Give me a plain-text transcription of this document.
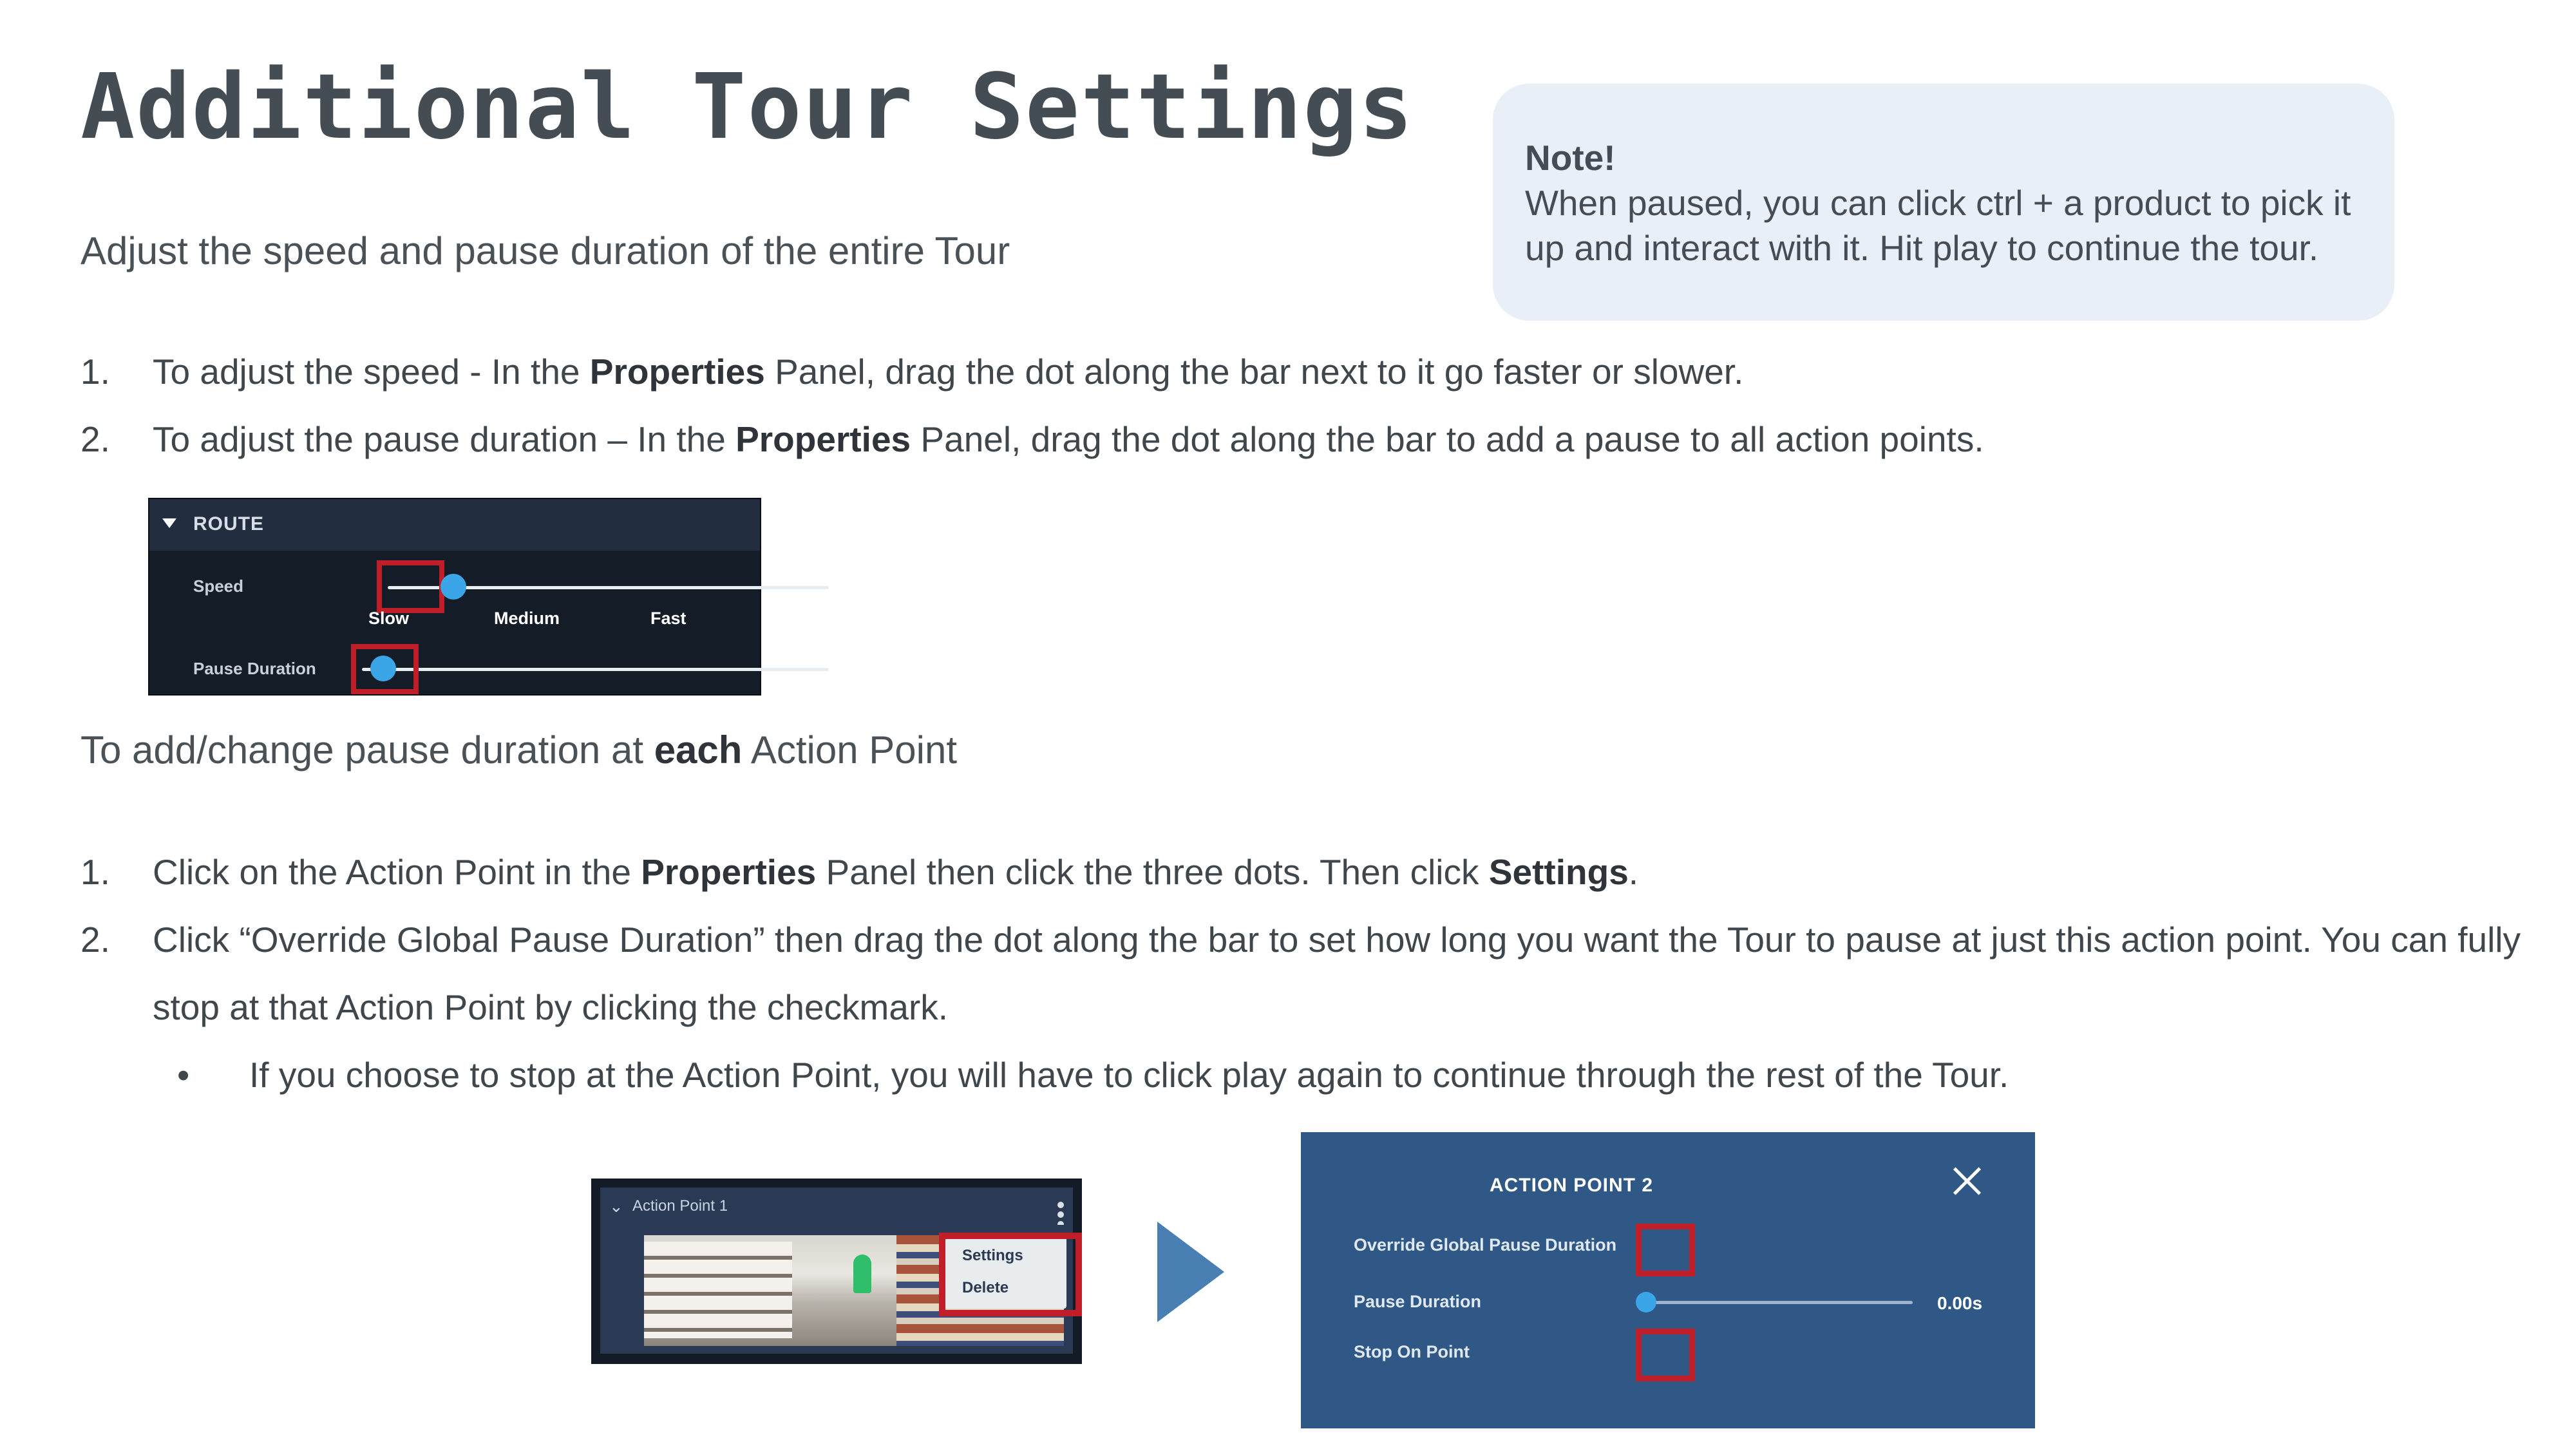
Additional Tour Settings
Adjust the speed and pause duration of the entire Tour
Note!
When paused, you can click ctrl + a product to pick it up and interact with it. Hit play to continue the tour.
1. To adjust the speed - In the Properties Panel, drag the dot along the bar next to it go faster or slower.
2. To adjust the pause duration – In the Properties Panel, drag the dot along the bar to add a pause to all action points.
ROUTE
Speed	2
Slow	Medium	Fast
Pause Duration	0
To add/change pause duration at each Action Point
1. Click on the Action Point in the Properties Panel then click the three dots. Then click Settings.
2. Click “Override Global Pause Duration” then drag the dot along the bar to set how long you want the Tour to pause at just this action point. You can fully
stop at that Action Point by clicking the checkmark.
• If you choose to stop at the Action Point, you will have to click play again to continue through the rest of the Tour.
⌄ Action Point 1
Settings
Delete
ACTION POINT 2
Override Global Pause Duration
Pause Duration	0.00s
Stop On Point
